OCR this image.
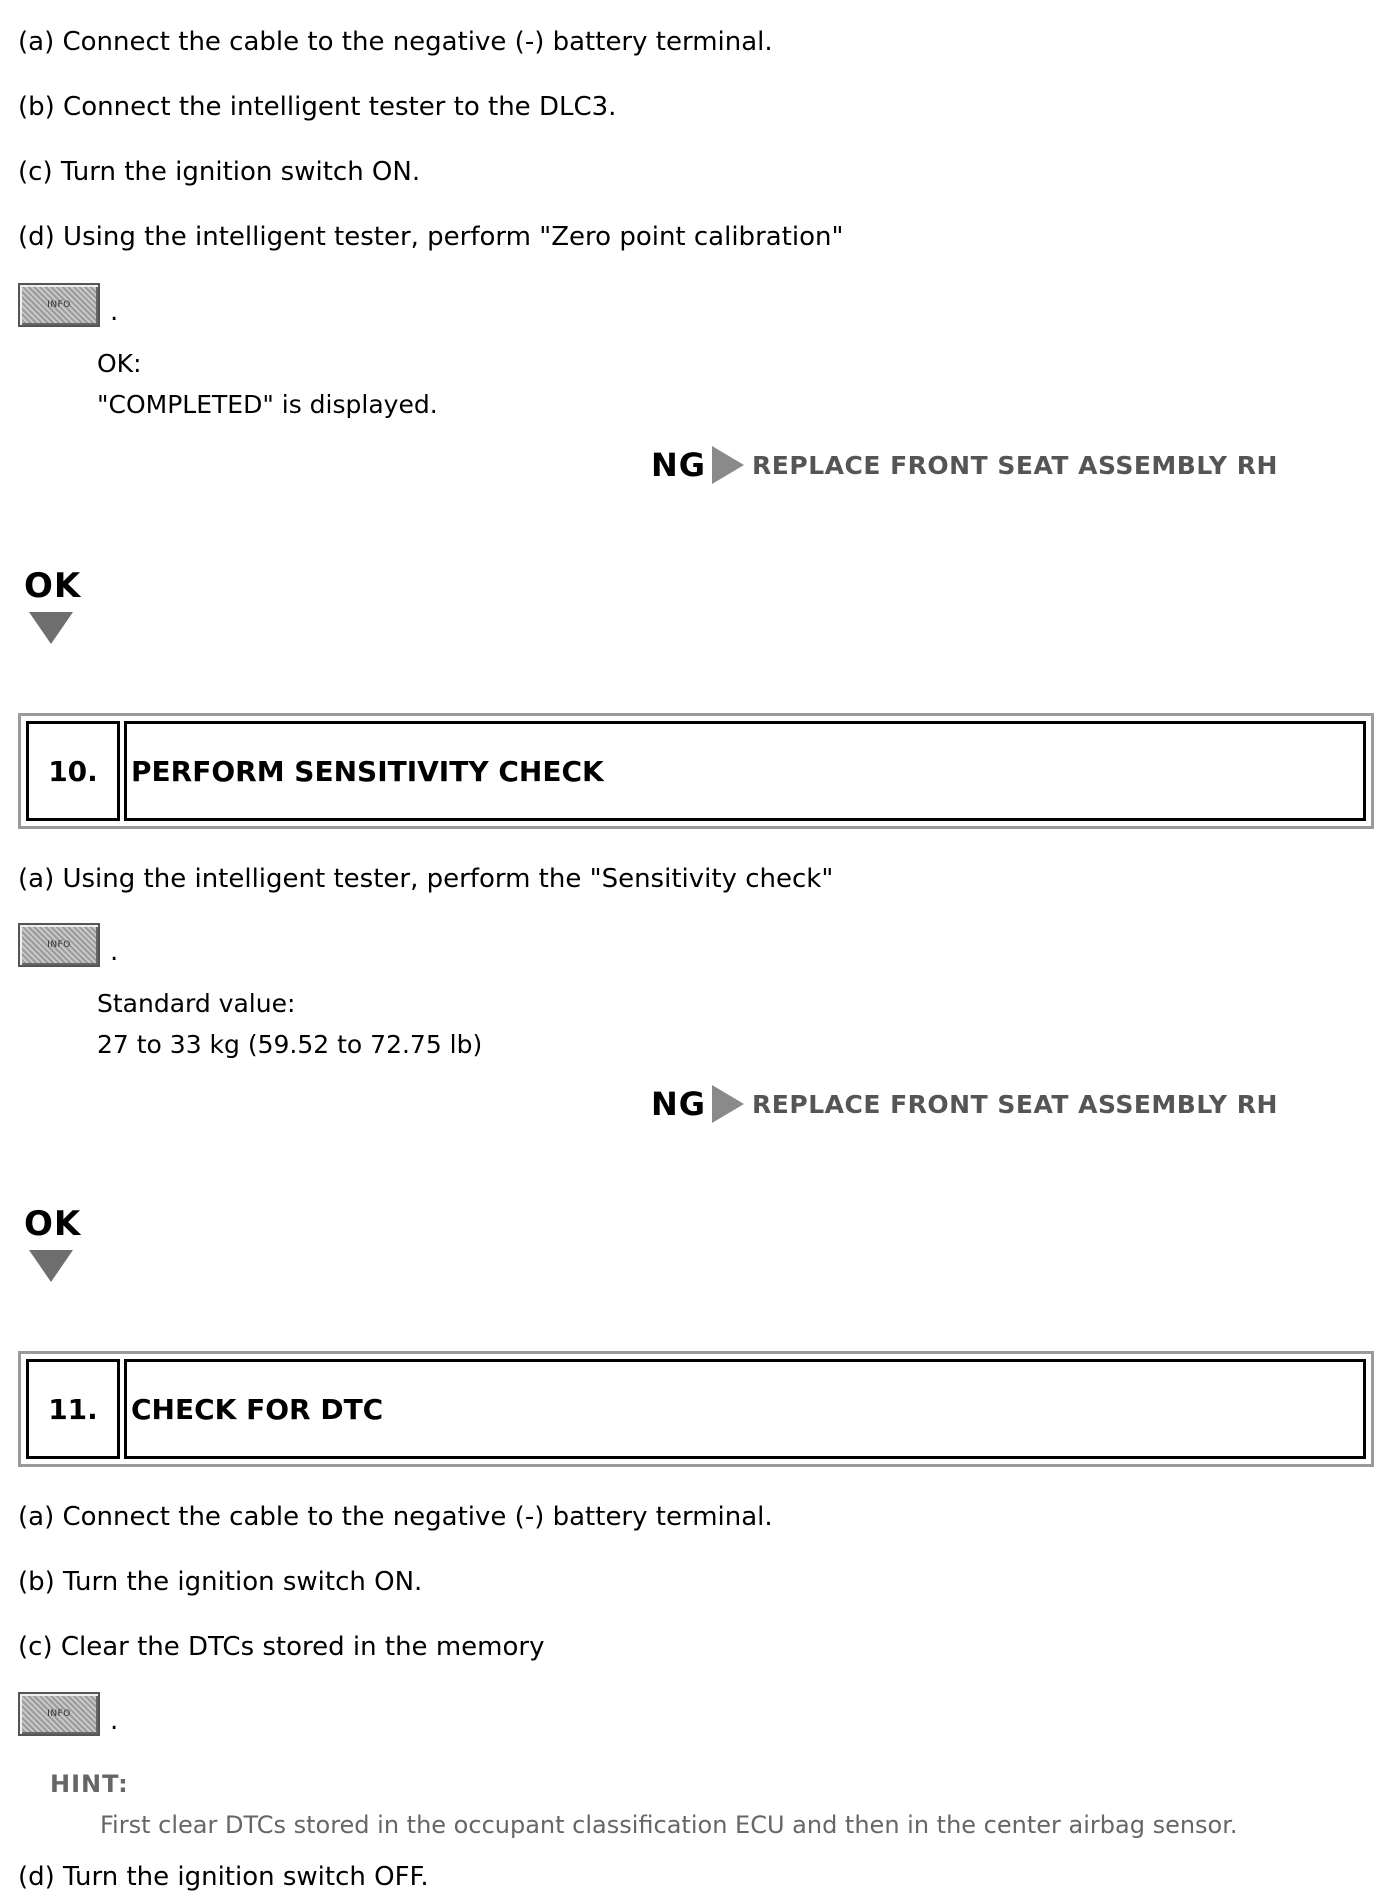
(a) Connect the cable to the negative (-) battery terminal.
(b) Connect the intelligent tester to the DLC3.
(c) Turn the ignition switch ON.
(d) Using the intelligent tester, perform "Zero point calibration"
INFO .
OK:
"COMPLETED" is displayed.
NG REPLACE FRONT SEAT ASSEMBLY RH
OK
10.	PERFORM SENSITIVITY CHECK
(a) Using the intelligent tester, perform the "Sensitivity check"
INFO .
Standard value:
27 to 33 kg (59.52 to 72.75 lb)
NG REPLACE FRONT SEAT ASSEMBLY RH
OK
11.	CHECK FOR DTC
(a) Connect the cable to the negative (-) battery terminal.
(b) Turn the ignition switch ON.
(c) Clear the DTCs stored in the memory
INFO .
HINT:
First clear DTCs stored in the occupant classification ECU and then in the center airbag sensor.
(d) Turn the ignition switch OFF.
